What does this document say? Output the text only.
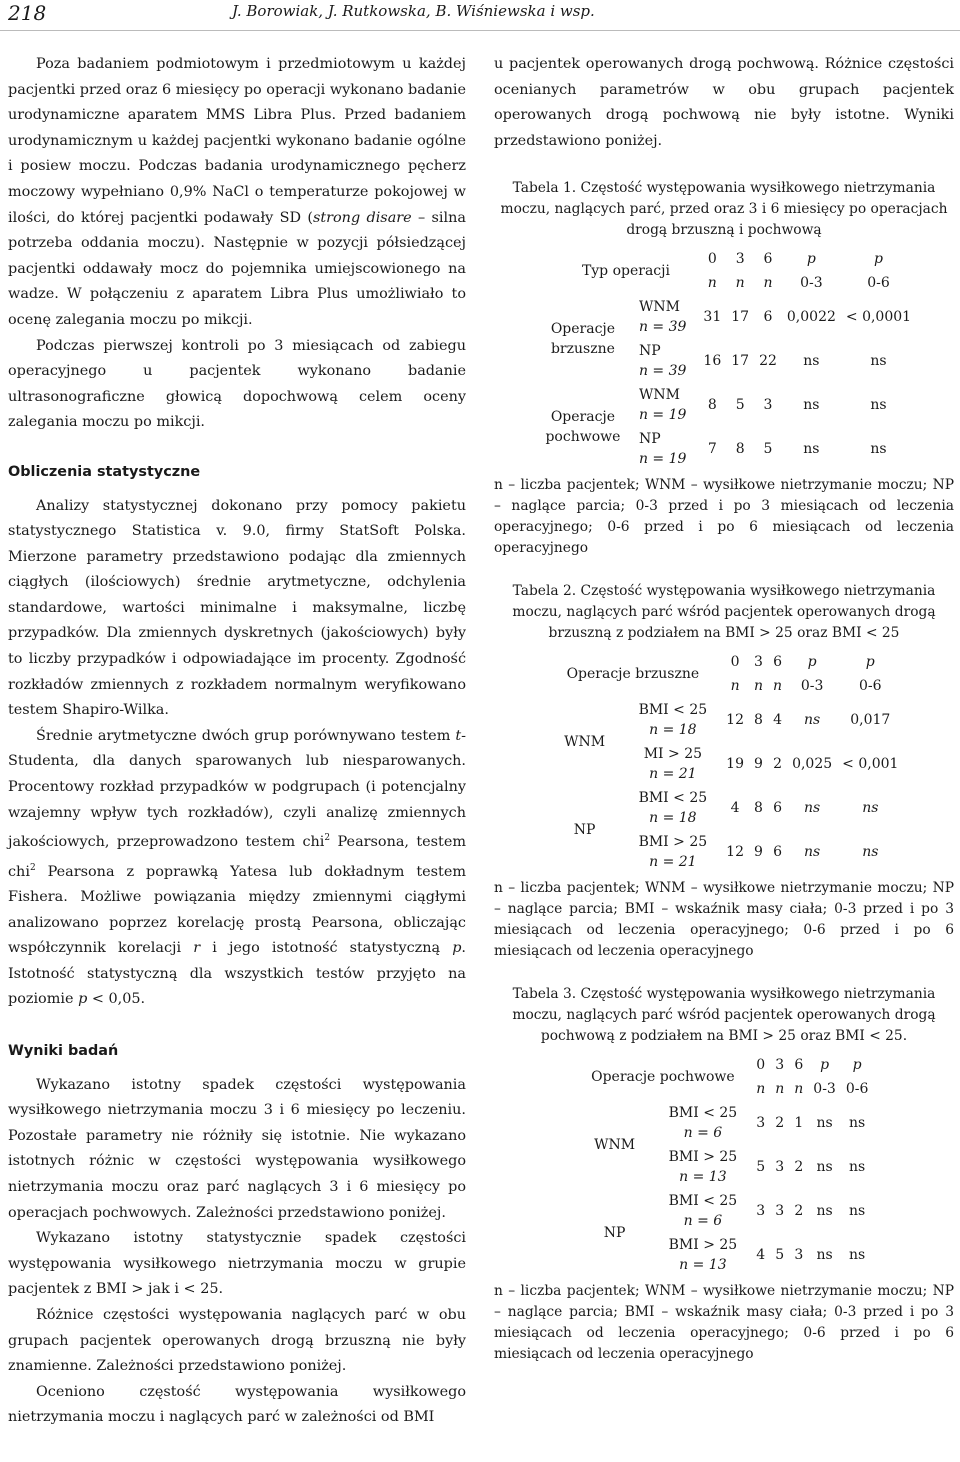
218	J. Borowiak, J. Rutkowska, B. Wiśniewska i wsp.

Poza badaniem podmiotowym i przedmiotowym u każdej pacjentki przed oraz 6 miesięcy po operacji wykonano badanie urodynamiczne aparatem MMS Libra Plus. Przed badaniem urodynamicznym u każdej pacjentki wykonano badanie ogólne i posiew moczu. Podczas badania urodynamicznego pęcherz moczowy wypełniano 0,9% NaCl o temperaturze pokojowej w ilości, do której pacjentki podawały SD (strong disare – silna potrzeba oddania moczu). Następnie w pozycji półsiedzącej pacjentki oddawały mocz do pojemnika umiejscowionego na wadze. W połączeniu z aparatem Libra Plus umożliwiało to ocenę zalegania moczu po mikcji.

Podczas pierwszej kontroli po 3 miesiącach od zabiegu operacyjnego u pacjentek wykonano badanie ultrasonograficzne głowicą dopochwową celem oceny zalegania moczu po mikcji.

Obliczenia statystyczne

Analizy statystycznej dokonano przy pomocy pakietu statystycznego Statistica v. 9.0, firmy StatSoft Polska. Mierzone parametry przedstawiono podając dla zmiennych ciągłych (ilościowych) średnie arytmetyczne, odchylenia standardowe, wartości minimalne i maksymalne, liczbę przypadków. Dla zmiennych dyskretnych (jakościowych) były to liczby przypadków i odpowiadające im procenty. Zgodność rozkładów zmiennych z rozkładem normalnym weryfikowano testem Shapiro-Wilka.

Średnie arytmetyczne dwóch grup porównywano testem t-Studenta, dla danych sparowanych lub niesparowanych. Procentowy rozkład przypadków w podgrupach (i potencjalny wzajemny wpływ tych rozkładów), czyli analizę zmiennych jakościowych, przeprowadzono testem chi$^2$ Pearsona, testem chi$^2$ Pearsona z poprawką Yatesa lub dokładnym testem Fishera. Możliwe powiązania między zmiennymi ciągłymi analizowano poprzez korelację prostą Pearsona, obliczając współczynnik korelacji r i jego istotność statystyczną p. Istotność statystyczną dla wszystkich testów przyjęto na poziomie p < 0,05.

Wyniki badań

Wykazano istotny spadek częstości występowania wysiłkowego nietrzymania moczu 3 i 6 miesięcy po leczeniu. Pozostałe parametry nie różniły się istotnie. Nie wykazano istotnych różnic w częstości występowania wysiłkowego nietrzymania moczu oraz parć naglących 3 i 6 miesięcy po operacjach pochwowych. Zależności przedstawiono poniżej.

Wykazano istotny statystycznie spadek częstości występowania wysiłkowego nietrzymania moczu w grupie pacjentek z BMI > jak i < 25.

Różnice częstości występowania naglących parć w obu grupach pacjentek operowanych drogą brzuszną nie były znamienne. Zależności przedstawiono poniżej.

Oceniono częstość występowania wysiłkowego nietrzymania moczu i naglących parć w zależności od BMI

u pacjentek operowanych drogą pochwową. Różnice częstości ocenianych parametrów w obu grupach pacjentek operowanych drogą pochwową nie były istotne. Wyniki przedstawiono poniżej.

Tabela 1. Częstość występowania wysiłkowego nietrzymania moczu, naglących parć, przed oraz 3 i 6 miesięcy po operacjach drogą brzuszną i pochwową
Typ operacji		0	3	6	p	p
		n	n	n	0-3	0-6
Operacje brzuszne	WNM
n = 39	31	17	6	0,0022	< 0,0001
	NP
n = 39	16	17	22	ns	ns
Operacje pochwowe	WNM
n = 19	8	5	3	ns	ns
	NP
n = 19	7	8	5	ns	ns
n – liczba pacjentek; WNM – wysiłkowe nietrzymanie moczu; NP – naglące parcia; 0-3 przed i po 3 miesiącach od leczenia operacyjnego; 0-6 przed i po 6 miesiącach od leczenia operacyjnego
Tabela 2. Częstość występowania wysiłkowego nietrzymania moczu, naglących parć wśród pacjentek operowanych drogą brzuszną z podziałem na BMI > 25 oraz BMI < 25
Operacje brzuszne		0	3	6	p	p
		n	n	n	0-3	0-6
WNM	BMI < 25
n = 18	12	8	4	ns	0,017
	MI > 25
n = 21	19	9	2	0,025	< 0,001
NP	BMI < 25
n = 18	4	8	6	ns	ns
	BMI > 25
n = 21	12	9	6	ns	ns
n – liczba pacjentek; WNM – wysiłkowe nietrzymanie moczu; NP – naglące parcia; BMI – wskaźnik masy ciała; 0-3 przed i po 3 miesiącach od leczenia operacyjnego; 0-6 przed i po 6 miesiącach od leczenia operacyjnego
Tabela 3. Częstość występowania wysiłkowego nietrzymania moczu, naglących parć wśród pacjentek operowanych drogą pochwową z podziałem na BMI > 25 oraz BMI < 25.
Operacje pochwowe		0	3	6	p	p
		n	n	n	0-3	0-6
WNM	BMI < 25
n = 6	3	2	1	ns	ns
	BMI > 25
n = 13	5	3	2	ns	ns
NP	BMI < 25
n = 6	3	3	2	ns	ns
	BMI > 25
n = 13	4	5	3	ns	ns
n – liczba pacjentek; WNM – wysiłkowe nietrzymanie moczu; NP – naglące parcia; BMI – wskaźnik masy ciała; 0-3 przed i po 3 miesiącach od leczenia operacyjnego; 0-6 przed i po 6 miesiącach od leczenia operacyjnego
